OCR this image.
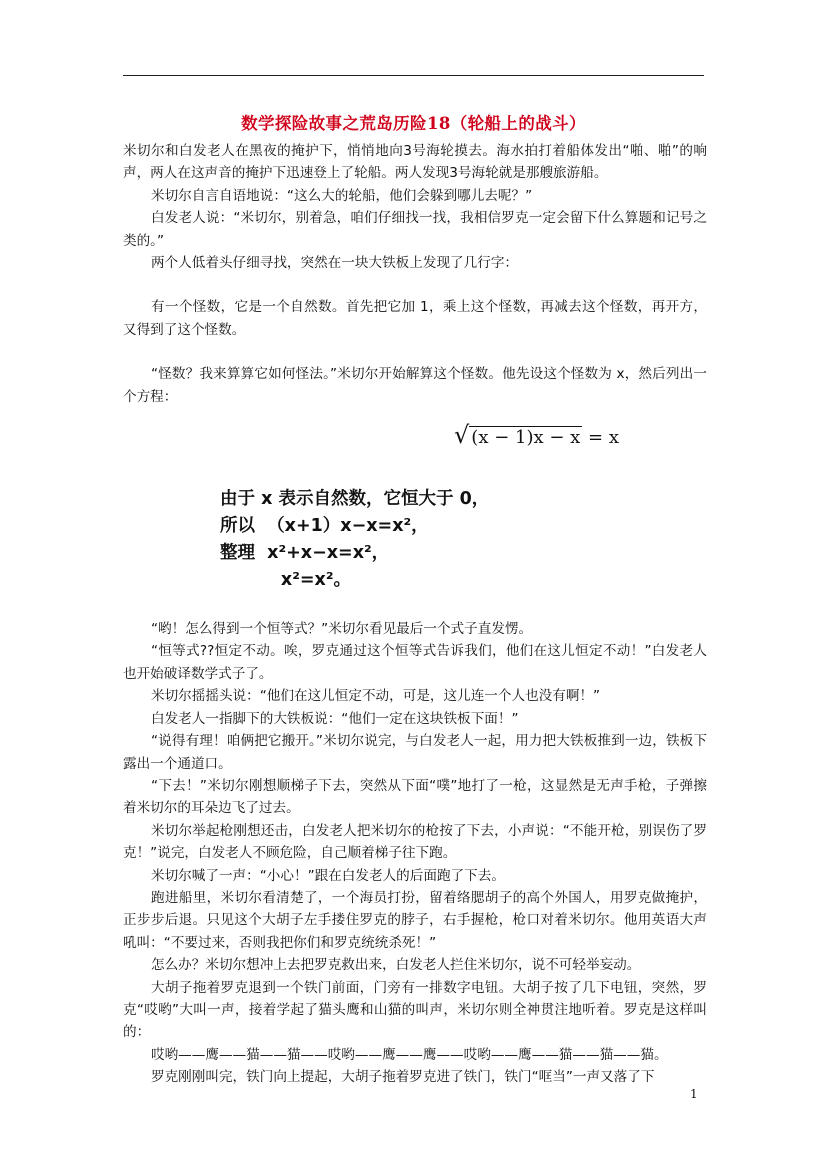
数学探险故事之荒岛历险18（轮船上的战斗）

米切尔和白发老人在黑夜的掩护下，悄悄地向3号海轮摸去。海水拍打着船体发出“啪、啪”的响声，两人在这声音的掩护下迅速登上了轮船。两人发现3号海轮就是那艘旅游船。

米切尔自言自语地说：“这么大的轮船，他们会躲到哪儿去呢？”

白发老人说：“米切尔，别着急，咱们仔细找一找，我相信罗克一定会留下什么算题和记号之类的。”

两个人低着头仔细寻找，突然在一块大铁板上发现了几行字：

有一个怪数，它是一个自然数。首先把它加 1，乘上这个怪数，再减去这个怪数，再开方，又得到了这个怪数。

“怪数？我来算算它如何怪法。”米切尔开始解算这个怪数。他先设这个怪数为 x，然后列出一个方程：

“哟！怎么得到一个恒等式？”米切尔看见最后一个式子直发愣。

“恒等式??恒定不动。唉，罗克通过这个恒等式告诉我们，他们在这儿恒定不动！”白发老人也开始破译数学式子了。

米切尔摇摇头说：“他们在这儿恒定不动，可是，这儿连一个人也没有啊！”

白发老人一指脚下的大铁板说：“他们一定在这块铁板下面！”

“说得有理！咱俩把它搬开。”米切尔说完，与白发老人一起，用力把大铁板推到一边，铁板下露出一个通道口。

“下去！”米切尔刚想顺梯子下去，突然从下面“噗”地打了一枪，这显然是无声手枪，子弹擦着米切尔的耳朵边飞了过去。

米切尔举起枪刚想还击，白发老人把米切尔的枪按了下去，小声说：“不能开枪，别误伤了罗克！”说完，白发老人不顾危险，自己顺着梯子往下跑。

米切尔喊了一声：“小心！”跟在白发老人的后面跑了下去。

跑进船里，米切尔看清楚了，一个海员打扮，留着络腮胡子的高个外国人，用罗克做掩护，正步步后退。只见这个大胡子左手搂住罗克的脖子，右手握枪，枪口对着米切尔。他用英语大声吼叫：“不要过来，否则我把你们和罗克统统杀死！”

怎么办？米切尔想冲上去把罗克救出来，白发老人拦住米切尔，说不可轻举妄动。

大胡子拖着罗克退到一个铁门前面，门旁有一排数字电钮。大胡子按了几下电钮，突然，罗克“哎哟”大叫一声，接着学起了猫头鹰和山猫的叫声，米切尔则全神贯注地听着。罗克是这样叫的：

哎哟——鹰——猫——猫——哎哟——鹰——鹰——哎哟——鹰——猫——猫——猫。

罗克刚刚叫完，铁门向上提起，大胡子拖着罗克进了铁门，铁门“哐当”一声又落了下

√ (x − 1)x − x = x
由于 x 表示自然数，它恒大于 0，
所以  （x+1）x−x=x²，
整理  x²+x−x=x²，
x²=x²。
1
